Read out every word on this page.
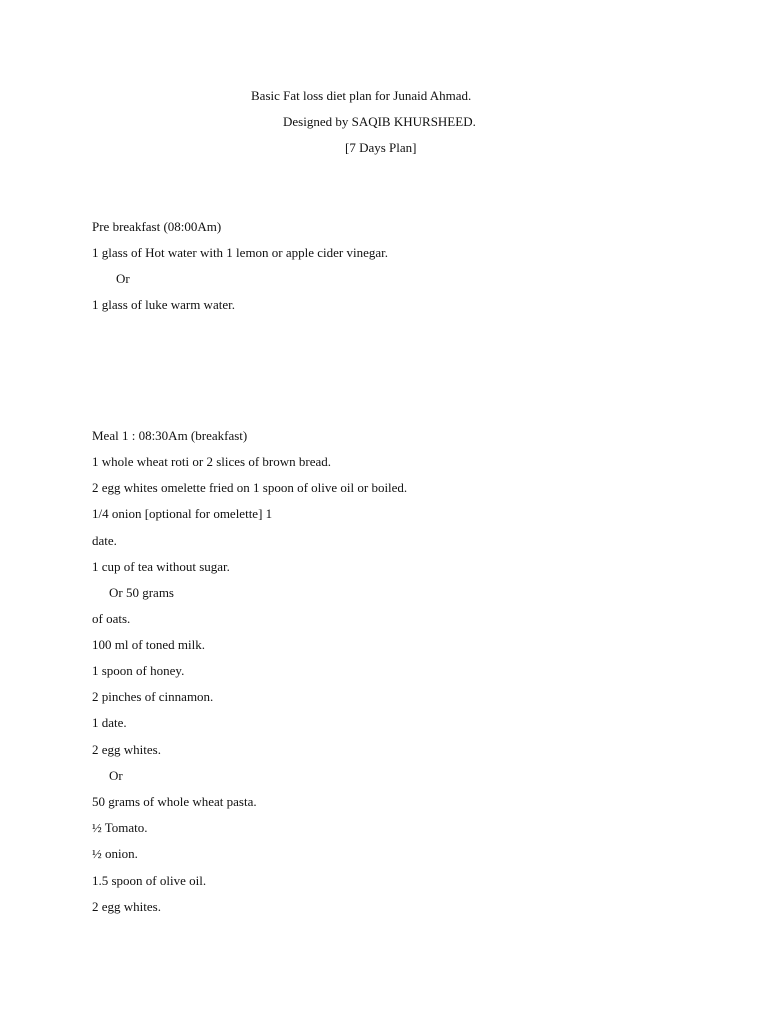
Basic Fat loss diet plan for Junaid Ahmad.
Designed by SAQIB KHURSHEED.
[7 Days Plan]
Pre breakfast (08:00Am)
1 glass of Hot water with 1 lemon or apple cider vinegar.
Or
1 glass of luke warm water.
Meal 1 : 08:30Am (breakfast)
1 whole wheat roti or 2 slices of brown bread.
2 egg whites omelette fried on 1 spoon of olive oil or boiled.
1/4 onion [optional for omelette] 1
date.
1 cup of tea without sugar.
Or 50 grams
of oats.
100 ml of toned milk.
1 spoon of honey.
2 pinches of cinnamon.
1 date.
2 egg whites.
Or
50 grams of whole wheat pasta.
½ Tomato.
½ onion.
1.5 spoon of olive oil.
2 egg whites.
